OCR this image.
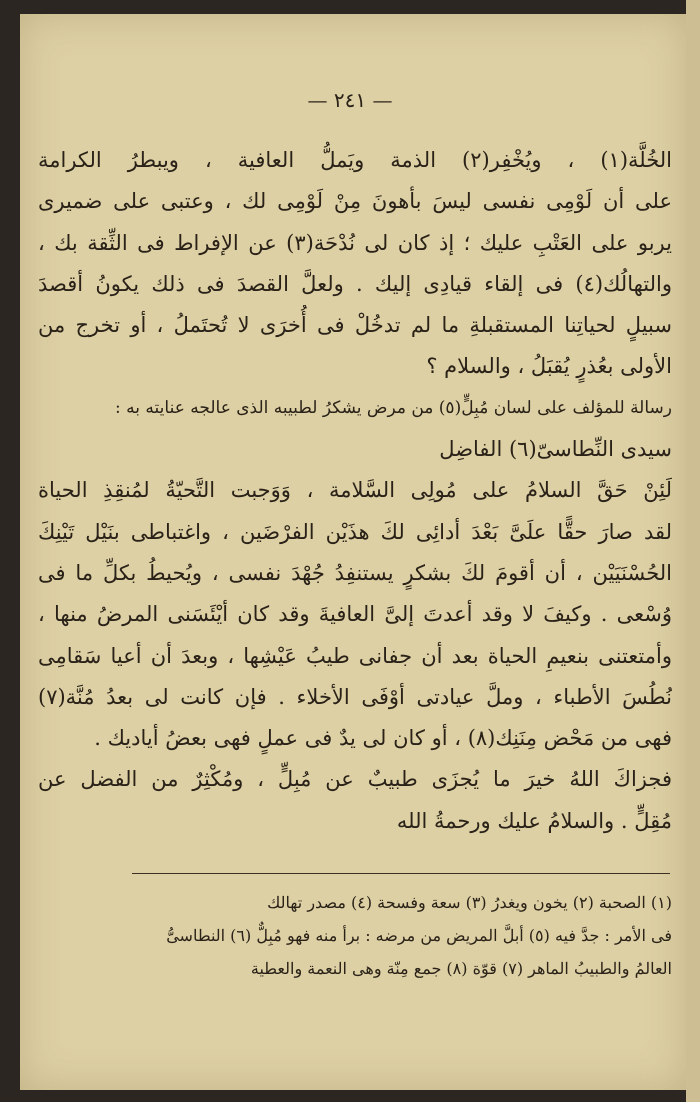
— ٢٤١ —
الخُلَّة(١) ، ويُخْفِر(٢) الذمة ويَملُّ العافية ، ويبطرُ الكرامة
على أن لَوْمِى نفسى ليسَ بأهونَ مِنْ لَوْمِى لك ، وعتبى على ضميرى
يربو على العَتْبِ عليك ؛ إذ كان لى نُدْحَة(٣) عن الإفراط فى الثِّقة بك ،
والتهالُك(٤) فى إلقاء قيادِى إليك . ولعلَّ القصدَ فى ذلك يكونُ أقصدَ
سبيلٍ لحياتِنا المستقبلةِ ما لم تدخُلْ فى أُخرَى لا تُحتَملُ ، أو تخرج من
الأولى بعُذرٍ يُقبَلُ ، والسلام ؟
رسالة للمؤلف على لسان مُبِلٍّ(٥) من مرض يشكرُ لطبيبه الذى عالجه عنايته به :
سيدى النِّطاسىّ(٦) الفاضِل
لَئِنْ حَقَّ السلامُ على مُولِى السَّلامة ، وَوَجبت التَّحيّةُ لمُنقِذِ الحياة
لقد صارَ حقًّا علَىَّ بَعْدَ أدائِى لكَ هذَيْن الفرْضَين ، واغتباطى بنَيْل تَيْنِكَ
الحُسْنَيَيْن ، أن أقومَ لكَ بشكرٍ يستنفِدُ جُهْدَ نفسى ، ويُحيطُ بكلِّ ما فى
وُسْعى . وكيفَ لا وقد أعدتَ إلىَّ العافيةَ وقد كان أيْئَسَنى المرضُ منها ،
وأمتعتنى بنعيمِ الحياة بعد أن جفانى طيبُ عَيْشِها ، وبعدَ أن أعيا سَقامِى
نُطُسَ الأطباء ، وملَّ عيادتى أوْفَى الأخلاء . فإن كانت لى بعدُ مُنَّة(٧)
فهى من مَحْض مِنَنِك(٨) ، أو كان لى يدٌ فى عملٍ فهى بعضُ أياديك .
فجزاكَ اللهُ خيرَ ما يُجزَى طبيبٌ عن مُبِلٍّ ، ومُكْثِرٌ من الفضل عن
مُقِلٍّ . والسلامُ عليك ورحمةُ الله
(١) الصحبة (٢) يخون ويغدرُ (٣) سعة وفسحة (٤) مصدر تهالك
فى الأمر : جدَّ فيه (٥) أبلَّ المريض من مرضه : برأ منه فهو مُبِلٌّ (٦) النطاسىُّ
العالمُ والطبيبُ الماهر (٧) قوّة (٨) جمع مِنّة وهى النعمة والعطية
